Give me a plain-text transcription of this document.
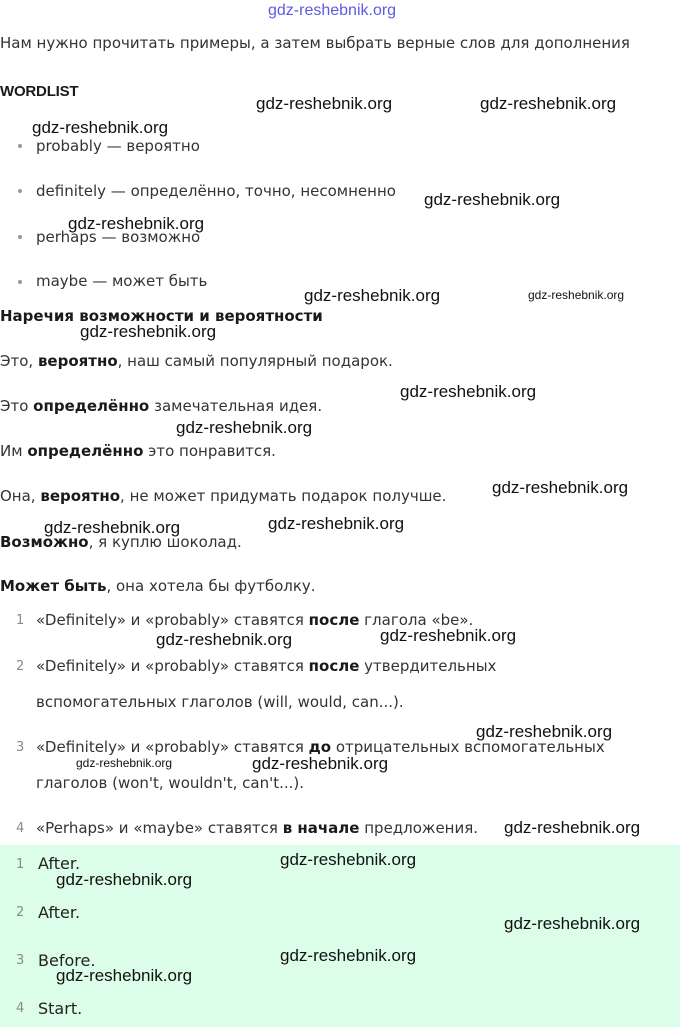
gdz-reshebnik.org
Нам нужно прочитать примеры, а затем выбрать верные слов для дополнения
WORDLIST
probably — вероятно
definitely — определённо, точно, несомненно
perhaps — возможно
maybe — может быть
Наречия возможности и вероятности
Это, вероятно, наш самый популярный подарок.
Это определённо замечательная идея.
Им определённо это понравится.
Она, вероятно, не может придумать подарок получше.
Возможно, я куплю шоколад.
Может быть, она хотела бы футболку.
1 «Definitely» и «probably» ставятся после глагола «be».
2 «Definitely» и «probably» ставятся после утвердительных
вспомогательных глаголов (will, would, can...).
3 «Definitely» и «probably» ставятся до отрицательных вспомогательных
глаголов (won't, wouldn't, can't...).
4 «Perhaps» и «maybe» ставятся в начале предложения.
1 After.
2 After.
3 Before.
4 Start.
gdz-reshebnik.org	gdz-reshebnik.org
gdz-reshebnik.org
gdz-reshebnik.org
gdz-reshebnik.org
gdz-reshebnik.org	gdz-reshebnik.org
gdz-reshebnik.org
gdz-reshebnik.org
gdz-reshebnik.org
gdz-reshebnik.org
gdz-reshebnik.org	gdz-reshebnik.org
gdz-reshebnik.org	gdz-reshebnik.org
gdz-reshebnik.org
gdz-reshebnik.org	gdz-reshebnik.org
gdz-reshebnik.org
gdz-reshebnik.org
gdz-reshebnik.org
gdz-reshebnik.org
gdz-reshebnik.org
gdz-reshebnik.org
